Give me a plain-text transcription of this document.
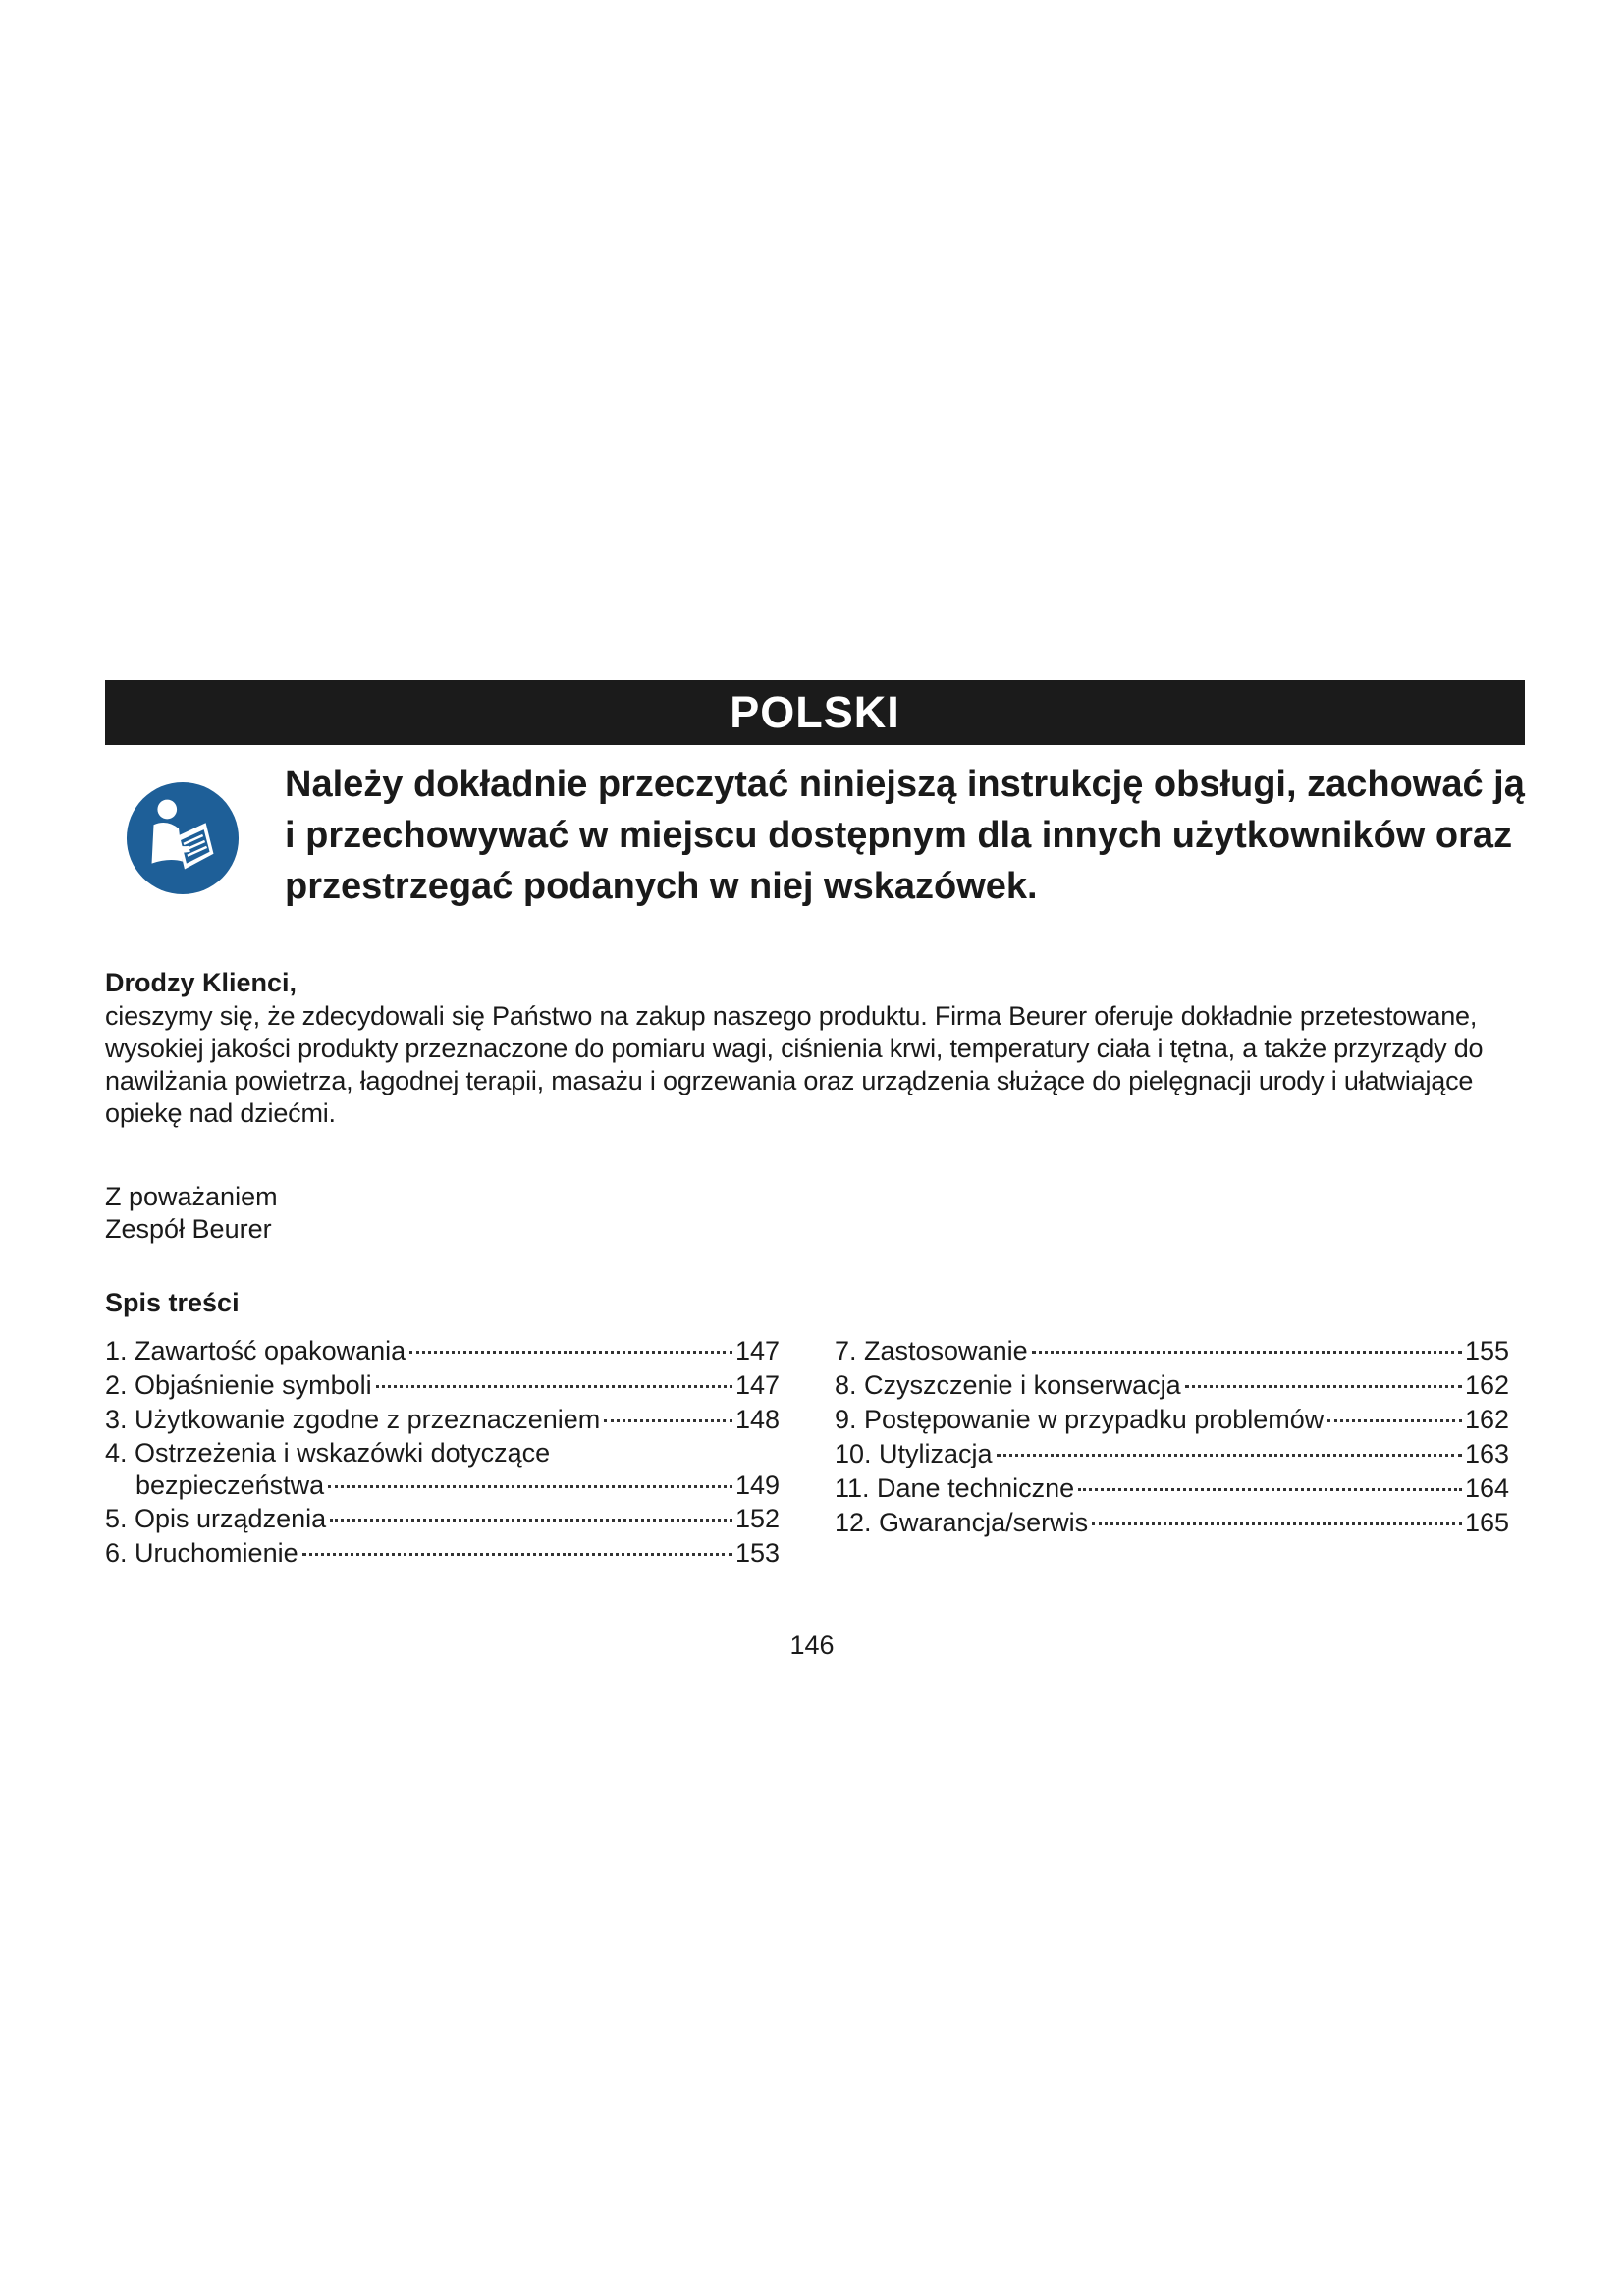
POLSKI

Należy dokładnie przeczytać niniejszą instrukcję obsługi, zachować ją i przechowywać w miejscu dostępnym dla innych użytkowników oraz przestrzegać podanych w niej wskazówek.

Drodzy Klienci,

cieszymy się, że zdecydowali się Państwo na zakup naszego produktu. Firma Beurer oferuje dokładnie przetestowane, wysokiej jakości produkty przeznaczone do pomiaru wagi, ciśnienia krwi, temperatury ciała i tętna, a także przyrządy do nawilżania powietrza, łagodnej terapii, masażu i ogrzewania oraz urządzenia służące do pielęgnacji urody i ułatwiające opiekę nad dziećmi.

Z poważaniem
Zespół Beurer

Spis treści

1. Zawartość opakowania	147
2. Objaśnienie symboli	147
3. Użytkowanie zgodne z przeznaczeniem	148
4. Ostrzeżenia i wskazówki dotyczące
bezpieczeństwa	149
5. Opis urządzenia	152
6. Uruchomienie	153
7. Zastosowanie	155
8. Czyszczenie i konserwacja	162
9. Postępowanie w przypadku problemów	162
10. Utylizacja	163
11. Dane techniczne	164
12. Gwarancja/serwis	165
146
